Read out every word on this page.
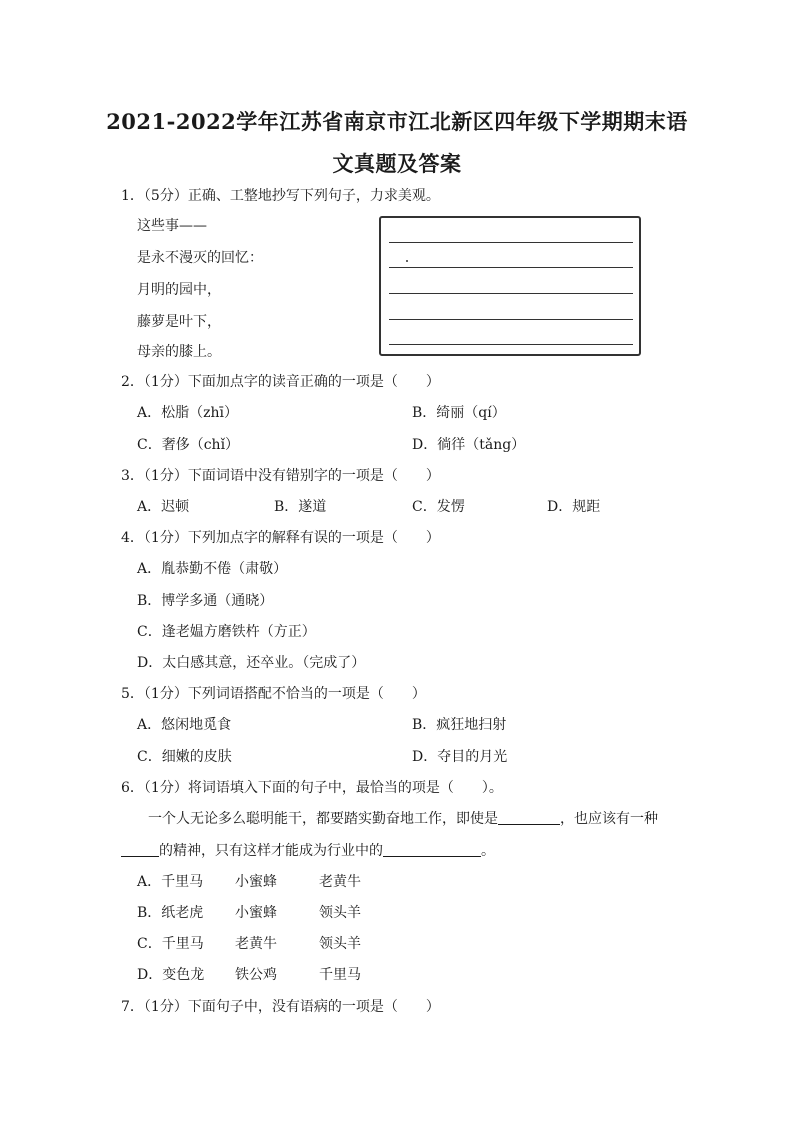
2021-2022学年江苏省南京市江北新区四年级下学期期末语
文真题及答案
1．（5分）正确、工整地抄写下列句子，力求美观。
这些事——
是永不漫灭的回忆：
月明的园中，
藤萝是叶下，
母亲的膝上。
2．（1分）下面加点字的读音正确的一项是（　　）
A．松脂（zhī）	B．绮丽（qí）
C．奢侈（chǐ）	D．徜徉（tǎng）
3．（1分）下面词语中没有错别字的一项是（　　）
A．迟顿	B．遂道	C．发愣	D．规距
4．（1分）下列加点字的解释有误的一项是（　　）
A．胤恭勤不倦（肃敬）
B．博学多通（通晓）
C．逢老媪方磨铁杵（方正）
D．太白感其意，还卒业。（完成了）
5．（1分）下列词语搭配不恰当的一项是（　　）
A．悠闲地觅食	B．疯狂地扫射
C．细嫩的皮肤	D．夺目的月光
6．（1分）将词语填入下面的句子中，最恰当的项是（　　）。
一个人无论多么聪明能干，都要踏实勤奋地工作，即使是	，也应该有一种
的精神，只有这样才能成为行业中的	。
A．千里马 小蜜蜂	老黄牛
B．纸老虎 小蜜蜂	领头羊
C．千里马 老黄牛	领头羊
D．变色龙 铁公鸡	千里马
7．（1分）下面句子中，没有语病的一项是（　　）
